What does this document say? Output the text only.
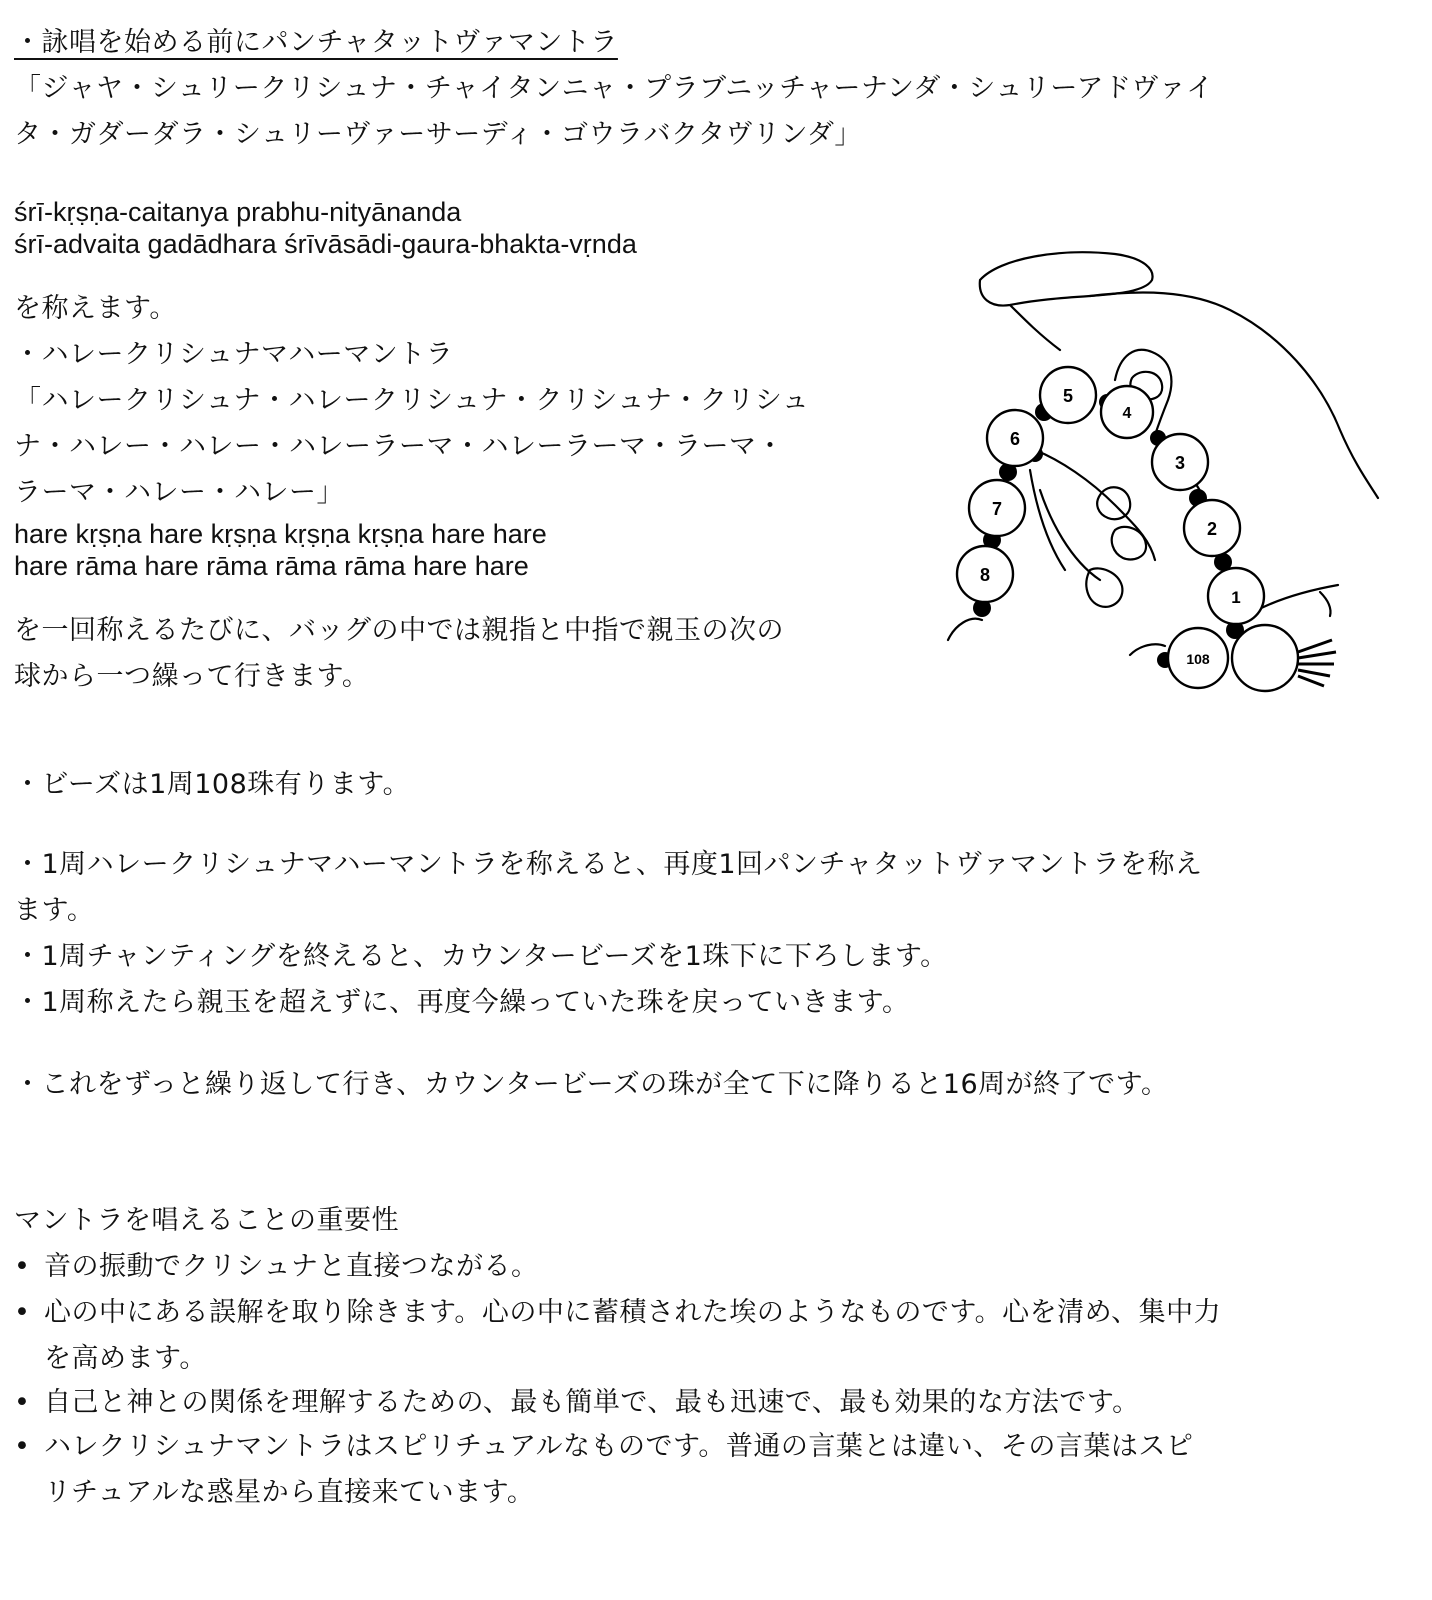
・詠唱を始める前にパンチャタットヴァマントラ
「ジャヤ・シュリークリシュナ・チャイタンニャ・プラブニッチャーナンダ・シュリーアドヴァイ
タ・ガダーダラ・シュリーヴァーサーディ・ゴウラバクタヴリンダ」
śrī-kṛṣṇa-caitanya prabhu-nityānanda
śrī-advaita gadādhara śrīvāsādi-gaura-bhakta-vṛnda
を称えます。
・ハレークリシュナマハーマントラ
「ハレークリシュナ・ハレークリシュナ・クリシュナ・クリシュ
ナ・ハレー・ハレー・ハレーラーマ・ハレーラーマ・ラーマ・
ラーマ・ハレー・ハレー」
hare kṛṣṇa hare kṛṣṇa kṛṣṇa kṛṣṇa hare hare
hare rāma hare rāma rāma rāma hare hare
を一回称えるたびに、バッグの中では親指と中指で親玉の次の
球から一つ繰って行きます。
5
4
6
3
7
2
8
1
108
・ビーズは1周108珠有ります。
・1周ハレークリシュナマハーマントラを称えると、再度1回パンチャタットヴァマントラを称え
ます。
・1周チャンティングを終えると、カウンタービーズを1珠下に下ろします。
・1周称えたら親玉を超えずに、再度今繰っていた珠を戻っていきます。
・これをずっと繰り返して行き、カウンタービーズの珠が全て下に降りると16周が終了です。
マントラを唱えることの重要性
• 音の振動でクリシュナと直接つながる。
• 心の中にある誤解を取り除きます。心の中に蓄積された埃のようなものです。心を清め、集中力
を高めます。
• 自己と神との関係を理解するための、最も簡単で、最も迅速で、最も効果的な方法です。
• ハレクリシュナマントラはスピリチュアルなものです。普通の言葉とは違い、その言葉はスピ
リチュアルな惑星から直接来ています。
